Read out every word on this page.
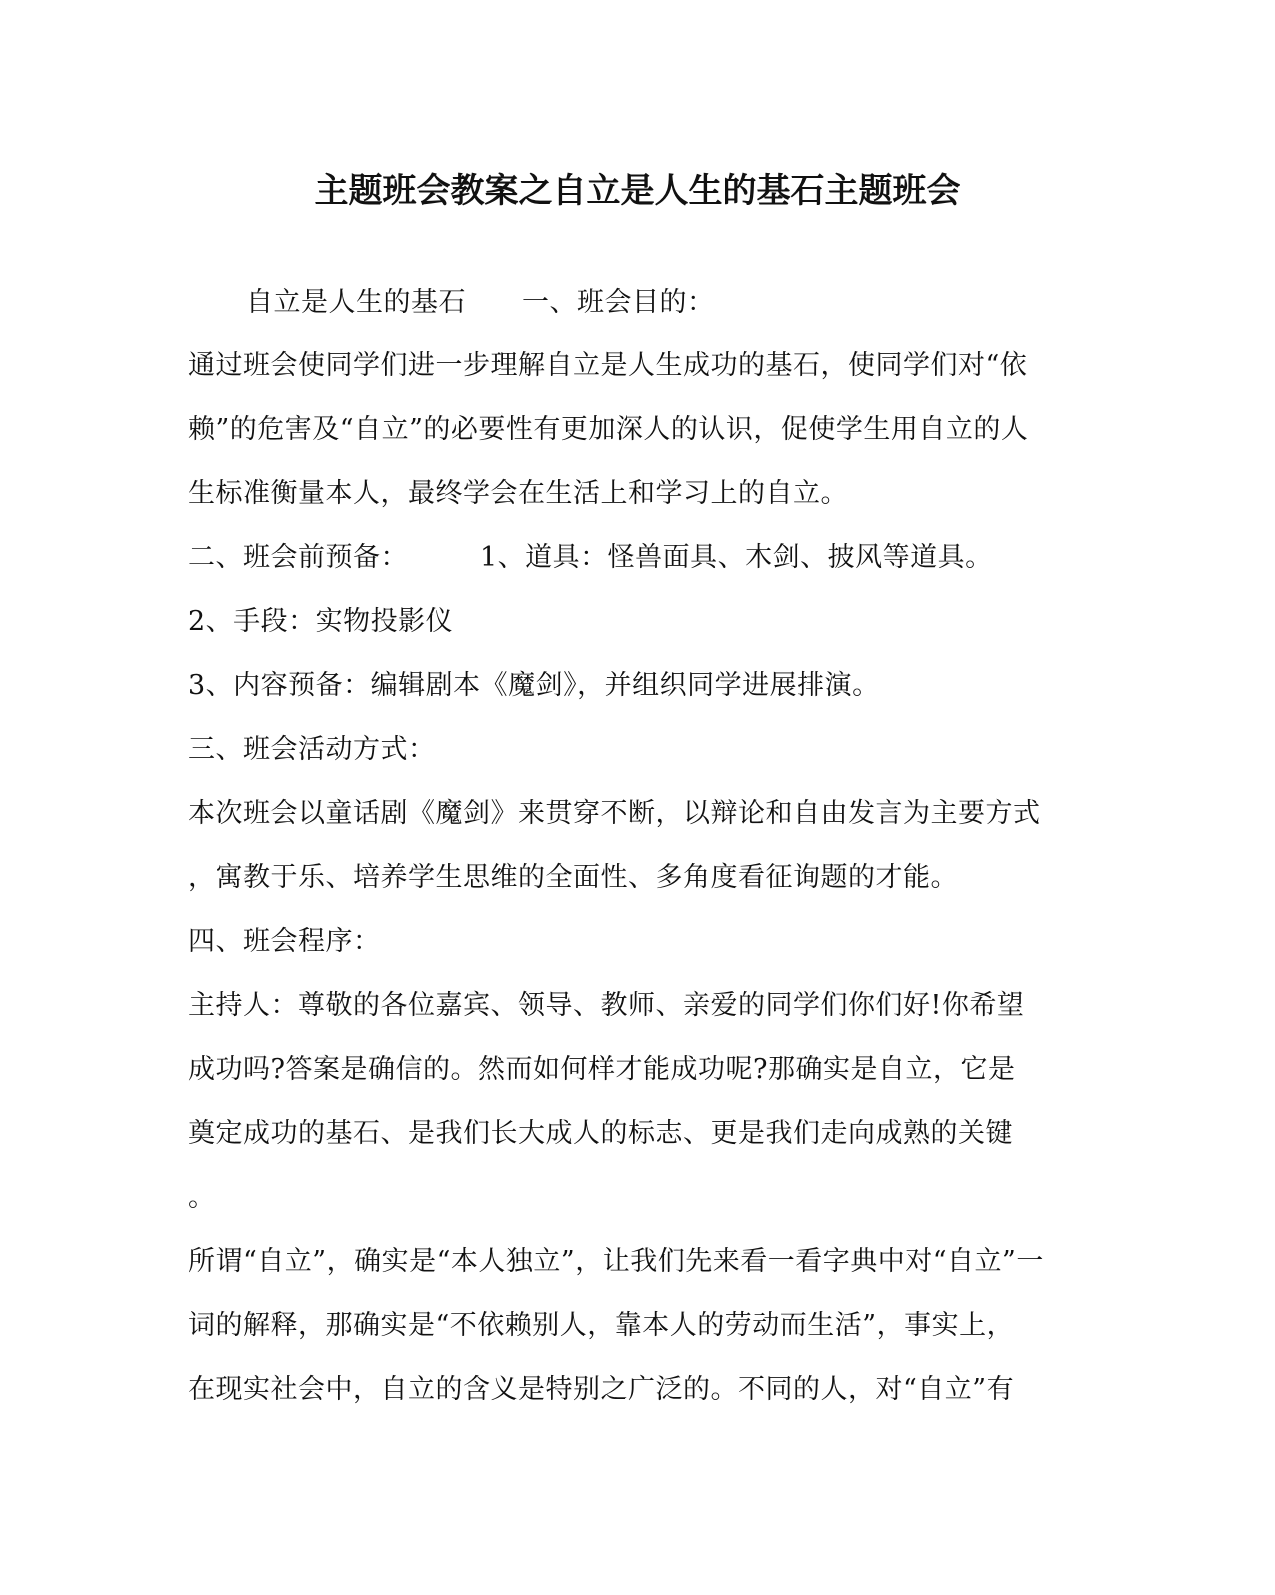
主题班会教案之自立是人生的基石主题班会
自立是人生的基石 一、班会目的：
通过班会使同学们进一步理解自立是人生成功的基石，使同学们对“依
赖”的危害及“自立”的必要性有更加深人的认识，促使学生用自立的人
生标准衡量本人，最终学会在生活上和学习上的自立。
二、班会前预备：	1、道具：怪兽面具、木剑、披风等道具。
2、手段：实物投影仪
3、内容预备：编辑剧本《魔剑》，并组织同学进展排演。
三、班会活动方式：
本次班会以童话剧《魔剑》来贯穿不断，以辩论和自由发言为主要方式
，寓教于乐、培养学生思维的全面性、多角度看征询题的才能。
四、班会程序：
主持人：尊敬的各位嘉宾、领导、教师、亲爱的同学们你们好!你希望
成功吗?答案是确信的。然而如何样才能成功呢?那确实是自立，它是
奠定成功的基石、是我们长大成人的标志、更是我们走向成熟的关键
。
所谓“自立”，确实是“本人独立”，让我们先来看一看字典中对“自立”一
词的解释，那确实是“不依赖别人，靠本人的劳动而生活”，事实上，
在现实社会中，自立的含义是特别之广泛的。不同的人，对“自立”有
